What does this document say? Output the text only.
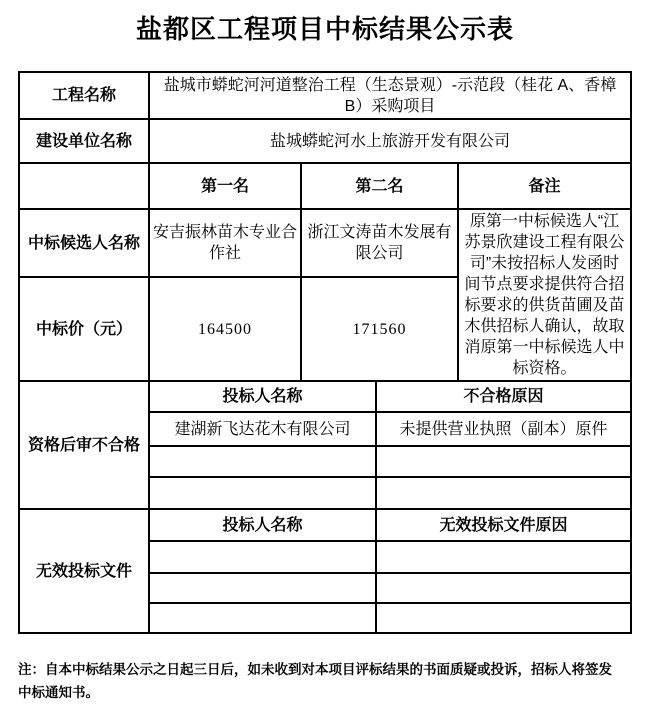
盐都区工程项目中标结果公示表
工程名称	盐城市蟒蛇河河道整治工程（生态景观）-示范段（桂花 A、香樟 B）采购项目			
建设单位名称	盐城蟒蛇河水上旅游开发有限公司			
	第一名	第二名		备注
中标候选人名称	安吉振林苗木专业合作社	浙江文涛苗木发展有限公司		原第一中标候选人“江苏景欣建设工程有限公司”未按招标人发函时间节点要求提供符合招标要求的供货苗圃及苗木供招标人确认，故取消原第一中标候选人中标资格。
中标价（元）	164500	171560		
资格后审不合格	投标人名称		不合格原因	
	建湖新飞达花木有限公司		未提供营业执照（副本）原件	

无效投标文件	投标人名称		无效投标文件原因	

注：自本中标结果公示之日起三日后，如未收到对本项目评标结果的书面质疑或投诉，招标人将签发中标通知书。
